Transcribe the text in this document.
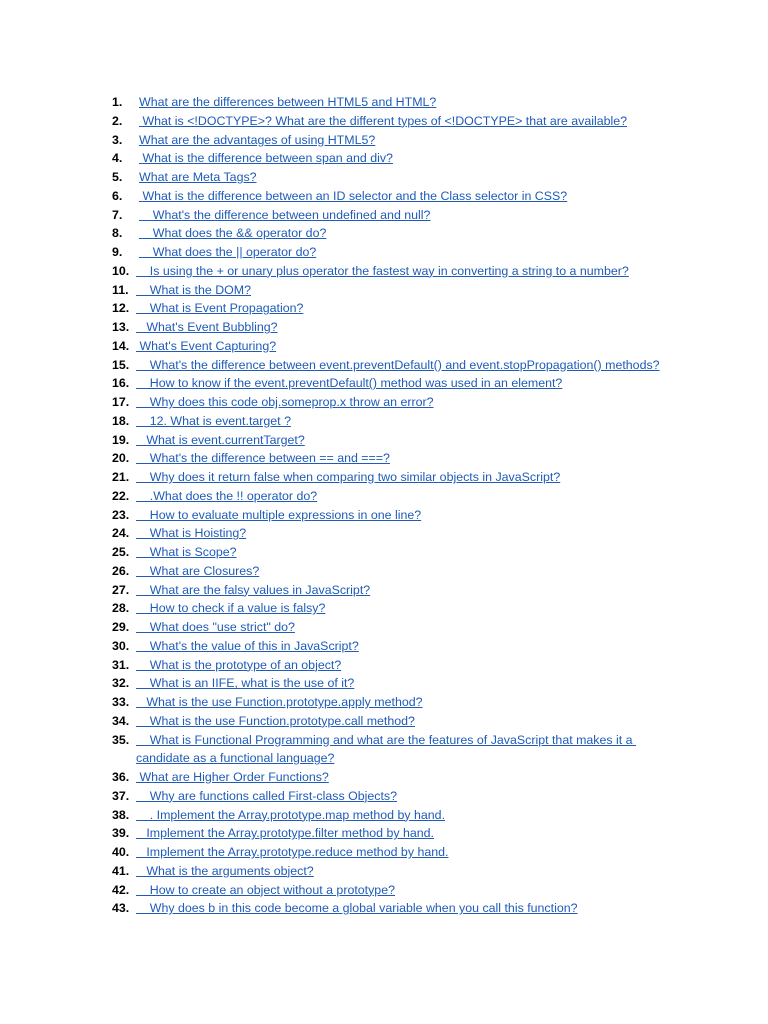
1. What are the differences between HTML5 and HTML?
2. What is <!DOCTYPE>? What are the different types of <!DOCTYPE> that are available?
3. What are the advantages of using HTML5?
4. What is the difference between span and div?
5. What are Meta Tags?
6. What is the difference between an ID selector and the Class selector in CSS?
7. What's the difference between undefined and null?
8. What does the && operator do?
9. What does the || operator do?
10. Is using the + or unary plus operator the fastest way in converting a string to a number?
11. What is the DOM?
12. What is Event Propagation?
13. What's Event Bubbling?
14. What's Event Capturing?
15. What's the difference between event.preventDefault() and event.stopPropagation() methods?
16. How to know if the event.preventDefault() method was used in an element?
17. Why does this code obj.someprop.x throw an error?
18. 12. What is event.target ?
19. What is event.currentTarget?
20. What's the difference between == and ===?
21. Why does it return false when comparing two similar objects in JavaScript?
22. .What does the !! operator do?
23. How to evaluate multiple expressions in one line?
24. What is Hoisting?
25. What is Scope?
26. What are Closures?
27. What are the falsy values in JavaScript?
28. How to check if a value is falsy?
29. What does "use strict" do?
30. What's the value of this in JavaScript?
31. What is the prototype of an object?
32. What is an IIFE, what is the use of it?
33. What is the use Function.prototype.apply method?
34. What is the use Function.prototype.call method?
35. What is Functional Programming and what are the features of JavaScript that makes it a candidate as a functional language?
36. What are Higher Order Functions?
37. Why are functions called First-class Objects?
38. . Implement the Array.prototype.map method by hand.
39. Implement the Array.prototype.filter method by hand.
40. Implement the Array.prototype.reduce method by hand.
41. What is the arguments object?
42. How to create an object without a prototype?
43. Why does b in this code become a global variable when you call this function?
